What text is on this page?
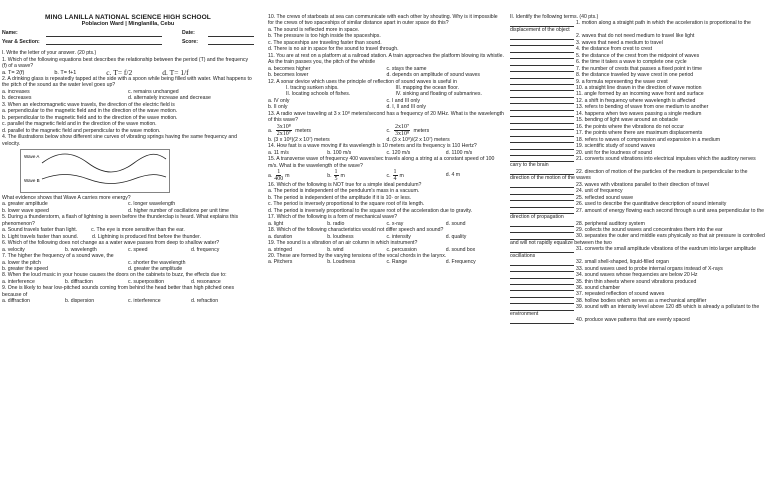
MING LANILLA NATIONAL SCIENCE HIGH SCHOOL
Poblacion Ward | Minglanilla, Cebu
Name:	Date:
Year & Section:	Score:

I. Write the letter of your answer. (20 pts.)

1. Which of the following equations best describes the relationship between the period (T) and the frequency (f) of a wave?

a. T= 2(f)	b. T= f+1	c. T= f/2	d. T= 1/f

2. A drinking glass is repeatedly tapped at the side with a spoon while being filled with water. What happens to the pitch of the sound as the water level goes up?

a. increases	c. remains unchanged
b. decreases	d. alternately increase and decrease

3. When an electromagnetic wave travels, the direction of the electric field is

a. perpendicular to the magnetic field and in the direction of the wave motion.

b. perpendicular to the magnetic field and to the direction of the wave motion.

c. parallel the magnetic field and in the direction of the wave motion.

d. parallel to the magnetic field and perpendicular to the wave motion.

4. The illustrations below show different sine curves of vibrating springs having the same frequency and velocity.

Wave A
Wave B

What evidence shows that Wave A carries more energy?

a. greater amplitude	c. longer wavelength
b. lower wave speed	d. higher number of oscillations per unit time

5. During a thunderstorm, a flash of lightning is seen before the thunderclap is heard. What explains this phenomenon?

a. Sound travels faster than light.	c. The eye is more sensitive than the ear.
b. Light travels faster than sound.	d. Lightning is produced first before the thunder.

6. Which of the following does not change as a water wave passes from deep to shallow water?

a. velocity	b. wavelength	c. speed	d. frequency

7. The higher the frequency of a sound wave, the

a. lower the pitch	c. shorter the wavelength
b. greater the speed	d. greater the amplitude

8. When the loud music in your house causes the doors on the cabinets to buzz, the effects due to:

a. interference	b. diffraction	c. superposition	d. resonance

9. One is likely to hear low-pitched sounds coming from behind the head better than high pitched ones because of

a. diffraction	b. dispersion	c. interference	d. refraction

10. The crews of starboats at sea can communicate with each other by shouting. Why is it impossible for the crews of two spaceships of similar distance apart in outer space do this?

a. The sound is reflected more in space.

b. The pressure is too high inside the spaceships.

c. The spaceships are traveling faster than sound.

d. There is no air in space for the sound to travel through.

11. You are at rest on a platform at a railroad station. A train approaches the platform blowing its whistle. As the train passes you, the pitch of the whistle

a. becomes higher	c. stays the same
b. becomes lower	d. depends on amplitude of sound waves

12. A sonar device which uses the principle of reflection of sound waves is useful in

I. tracing sunken ships.	III. mapping the ocean floor.
II. locating schools of fishes.	IV. sinking and floating of submarines.
a. IV only	c. I and III only
b. II only	d. I, II and III only

13. A radio wave traveling at 3 x 10⁸ meters/second has a frequency of 20 MHz. What is the wavelength of this wave?

a. $\frac{\text{3x10⁸}}{\text{2x10⁷}}$ meters	c. $\frac{\text{2x10⁷}}{\text{3x10⁸}}$ meters
b. (3 x 10⁸)(2 x 10⁷) meters	d. (3 x 10⁸)/(2 x 10⁷) meters

14. How fast is a wave moving if its wavelength is 10 meters and its frequency is 110 Hertz?

a. 11 m/s	b. 100 m/s	c. 120 m/s	d. 1100 m/s

15. A transverse wave of frequency 400 waves/sec travels along a string at a constant speed of 100 m/s. What is the wavelength of the wave?

a. $\frac{1}{400}$ m	b. $\frac{1}{5}$ m	c. $\frac{1}{4}$ m	d. 4 m

16. Which of the following is NOT true for a simple ideal pendulum?

a. The period is independent of the pendulum's mass in a vacuum.

b. The period is independent of the amplitude if it is 10· or less.

c. The period is inversely proportional to the square root of its length.

d. The period is inversely proportional to the square root of the acceleration due to gravity.

17. Which of the following is a form of mechanical wave?

a. light	b. radio	c. x-ray	d. sound

18. Which of the following characteristics would not differ speech and sound?

a. duration	b. loudness	c. intensity	d. quality

19. The sound is a vibration of an air column in which instrument?

a. stringed	b. wind	c. percussion	d. sound box

20. These are formed by the varying tensions of the vocal chords in the larynx.

a. Pitchers	b. Loudness	c. Range	d. Frequency

II. Identify the following terms. (40 pts.)

1. motion along a straight path in which the acceleration is proportional to the displacement of the object

2. waves that do not need medium to travel like light

3. waves that need a medium to travel

4. the distance from crest to crest

5. the distance of the crest from the midpoint of waves

6. the time it takes a wave to complete one cycle

7. the number of crests that passes a fixed point in time

8. the distance traveled by wave crest in one period

9. a formula representing the wave crest

10. a straight line drawn in the direction of wave motion

11. angle formed by an incoming wave front and surface

12. a shift in frequency where wavelength is affected

13. refers to bending of wave from one medium to another

14. happens when two waves passing a single medium

15. bending of light wave around an obstacle

16. the points where the vibrations do not occur

17. the points where there are maximum displacements

18. refers to waves of compression and expansion in a medium

19. scientific study of sound waves

20. unit for the loudness of sound

21. converts sound vibrations into electrical impulses which the auditory nerves carry to the brain

22. direction of motion of the particles of the medium is perpendicular to the direction of the motion of the waves

23. waves with vibrations parallel to their direction of travel

24. unit of frequency

25. reflected sound wave

26. used to describe the quantitative description of sound intensity

27. amount of energy flowing each second through a unit area perpendicular to the direction of propagation

28. peripheral auditory system

29. collects the sound waves and concentrates them into the ear

30. separates the outer and middle ears physically so that air pressure is controlled and will not rapidly equalize between the two

31. converts the small amplitude vibrations of the eardrum into larger amplitude oscillations

32. small shell-shaped, liquid-filled organ

33. sound waves used to probe internal organs instead of X-rays

34. sound waves whose frequencies are below 20 Hz

35. thin thin sheets where sound vibrations produced

36. sound chamber

37. repeated reflection of sound waves

38. hollow bodies which serves as a mechanical amplifier

39. sound with an intensity level above 120 dB which is already a pollutant to the environment

40. produce wave patterns that are evenly spaced
